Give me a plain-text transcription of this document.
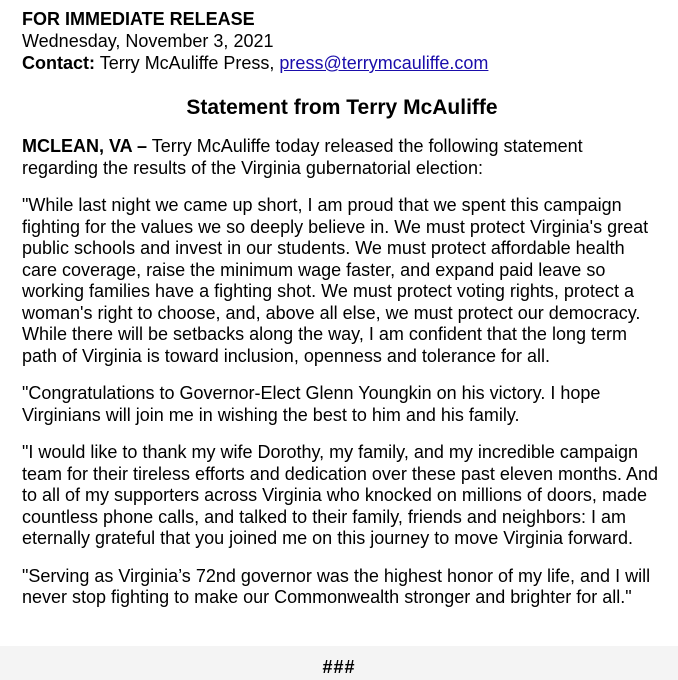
FOR IMMEDIATE RELEASE

Wednesday, November 3, 2021

Contact: Terry McAuliffe Press, press@terrymcauliffe.com

Statement from Terry McAuliffe

MCLEAN, VA – Terry McAuliffe today released the following statement regarding the results of the Virginia gubernatorial election:

"While last night we came up short, I am proud that we spent this campaign fighting for the values we so deeply believe in. We must protect Virginia's great public schools and invest in our students. We must protect affordable health care coverage, raise the minimum wage faster, and expand paid leave so working families have a fighting shot. We must protect voting rights, protect a woman's right to choose, and, above all else, we must protect our democracy. While there will be setbacks along the way, I am confident that the long term path of Virginia is toward inclusion, openness and tolerance for all.

"Congratulations to Governor-Elect Glenn Youngkin on his victory. I hope Virginians will join me in wishing the best to him and his family.

"I would like to thank my wife Dorothy, my family, and my incredible campaign team for their tireless efforts and dedication over these past eleven months. And to all of my supporters across Virginia who knocked on millions of doors, made countless phone calls, and talked to their family, friends and neighbors: I am eternally grateful that you joined me on this journey to move Virginia forward.

"Serving as Virginia’s 72nd governor was the highest honor of my life, and I will never stop fighting to make our Commonwealth stronger and brighter for all."

###
